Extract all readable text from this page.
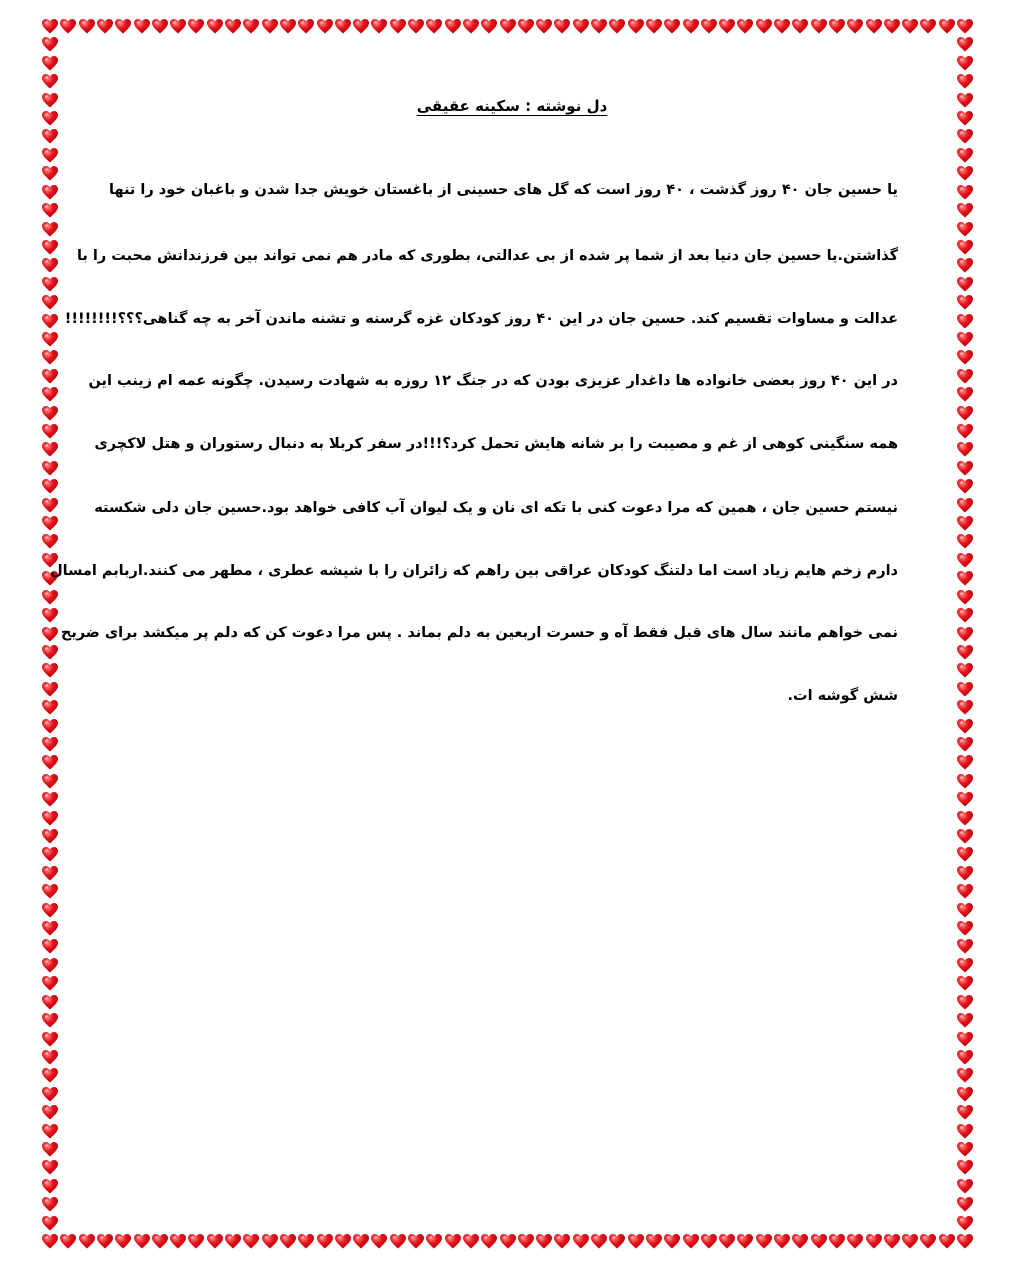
دل نوشته : سکینه عقیقی
یا حسین جان ۴۰ روز گذشت ، ۴۰ روز است که گل های حسینی از باغستان خویش جدا شدن و باغبان خود را تنها
گذاشتن.یا حسین جان دنیا بعد از شما پر شده از بی عدالتی، بطوری که مادر هم نمی تواند بین فرزندانش محبت را با
عدالت و مساوات تقسیم کند. حسین جان در این ۴۰ روز کودکان غزه گرسنه و تشنه ماندن آخر به چه گناهی؟؟؟!!!!!!!!
در این ۴۰ روز بعضی خانواده ها داغدار عزیزی بودن که در جنگ ۱۲ روزه به شهادت رسیدن. چگونه عمه ام زینب این
همه سنگینی کوهی از غم و مصیبت را بر شانه هایش تحمل کرد؟!!!در سفر کربلا به دنبال رستوران و هتل لاکچری
نیستم حسین جان ، همین که مرا دعوت کنی با تکه ای نان و یک لیوان آب کافی خواهد بود.حسین جان دلی شکسته
دارم زخم هایم زیاد است اما دلتنگ کودکان عراقی بین راهم که زائران را با شیشه عطری ، مطهر می کنند.اربابم امسال
نمی خواهم مانند سال های قبل فقط آه و حسرت اربعین به دلم بماند . پس مرا دعوت کن که دلم پر میکشد برای ضریح
شش گوشه ات.
